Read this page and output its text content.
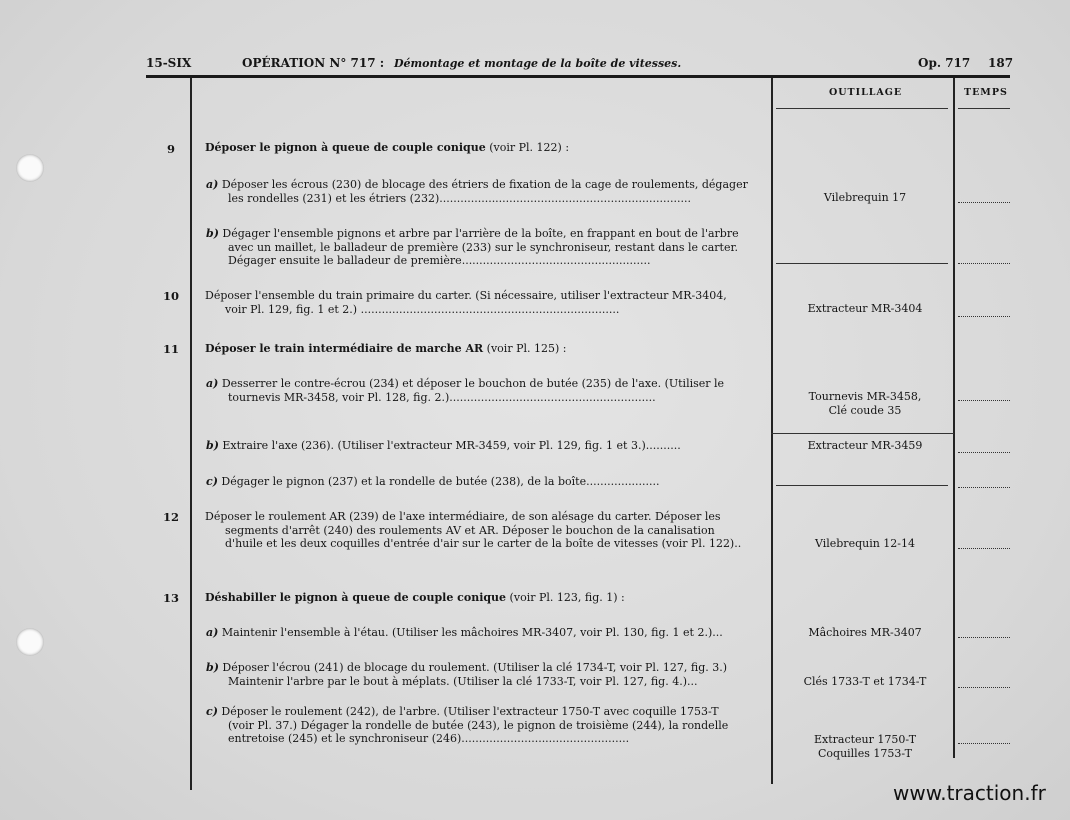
15-SIX	OPÉRATION N° 717 : Démontage et montage de la boîte de vitesses.	Op. 717 187
OUTILLAGE	TEMPS
9	Déposer le pignon à queue de couple conique (voir Pl. 122) :
a) Déposer les écrous (230) de blocage des étriers de fixation de la cage de roulements, dégager
les rondelles (231) et les étriers (232)........................................................................	Vilebrequin 17
b) Dégager l'ensemble pignons et arbre par l'arrière de la boîte, en frappant en bout de l'arbre
avec un maillet, le balladeur de première (233) sur le synchroniseur, restant dans le carter.
Dégager ensuite le balladeur de première......................................................
10	Déposer l'ensemble du train primaire du carter. (Si nécessaire, utiliser l'extracteur MR-3404,
voir Pl. 129, fig. 1 et 2.) ..........................................................................	Extracteur MR-3404
11	Déposer le train intermédiaire de marche AR (voir Pl. 125) :
a) Desserrer le contre-écrou (234) et déposer le bouchon de butée (235) de l'axe. (Utiliser le
tournevis MR-3458, voir Pl. 128, fig. 2.)...........................................................	Tournevis MR-3458,
Clé coude 35
b) Extraire l'axe (236). (Utiliser l'extracteur MR-3459, voir Pl. 129, fig. 1 et 3.)..........	Extracteur MR-3459
c) Dégager le pignon (237) et la rondelle de butée (238), de la boîte.....................
12	Déposer le roulement AR (239) de l'axe intermédiaire, de son alésage du carter. Déposer les
segments d'arrêt (240) des roulements AV et AR. Déposer le bouchon de la canalisation
d'huile et les deux coquilles d'entrée d'air sur le carter de la boîte de vitesses (voir Pl. 122)..	Vilebrequin 12-14
13	Déshabiller le pignon à queue de couple conique (voir Pl. 123, fig. 1) :
a) Maintenir l'ensemble à l'étau. (Utiliser les mâchoires MR-3407, voir Pl. 130, fig. 1 et 2.)...	Mâchoires MR-3407
b) Déposer l'écrou (241) de blocage du roulement. (Utiliser la clé 1734-T, voir Pl. 127, fig. 3.)
Maintenir l'arbre par le bout à méplats. (Utiliser la clé 1733-T, voir Pl. 127, fig. 4.)...	Clés 1733-T et 1734-T
c) Déposer le roulement (242), de l'arbre. (Utiliser l'extracteur 1750-T avec coquille 1753-T
(voir Pl. 37.) Dégager la rondelle de butée (243), le pignon de troisième (244), la rondelle
entretoise (245) et le synchroniseur (246)................................................	Extracteur 1750-T
Coquilles 1753-T
www.traction.fr
